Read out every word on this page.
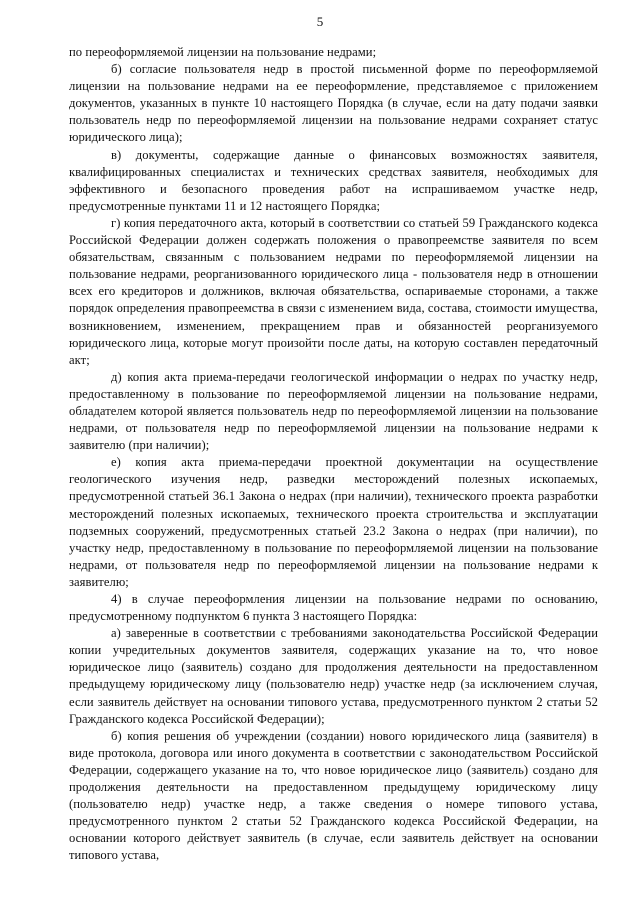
5

по переоформляемой лицензии на пользование недрами;

б) согласие пользователя недр в простой письменной форме по переоформляемой лицензии на пользование недрами на ее переоформление, представляемое с приложением документов, указанных в пункте 10 настоящего Порядка (в случае, если на дату подачи заявки пользователь недр по переоформляемой лицензии на пользование недрами сохраняет статус юридического лица);

в) документы, содержащие данные о финансовых возможностях заявителя, квалифицированных специалистах и технических средствах заявителя, необходимых для эффективного и безопасного проведения работ на испрашиваемом участке недр, предусмотренные пунктами 11 и 12 настоящего Порядка;

г) копия передаточного акта, который в соответствии со статьей 59 Гражданского кодекса Российской Федерации должен содержать положения о правопреемстве заявителя по всем обязательствам, связанным с пользованием недрами по переоформляемой лицензии на пользование недрами, реорганизованного юридического лица - пользователя недр в отношении всех его кредиторов и должников, включая обязательства, оспариваемые сторонами, а также порядок определения правопреемства в связи с изменением вида, состава, стоимости имущества, возникновением, изменением, прекращением прав и обязанностей реорганизуемого юридического лица, которые могут произойти после даты, на которую составлен передаточный акт;

д) копия акта приема-передачи геологической информации о недрах по участку недр, предоставленному в пользование по переоформляемой лицензии на пользование недрами, обладателем которой является пользователь недр по переоформляемой лицензии на пользование недрами, от пользователя недр по переоформляемой лицензии на пользование недрами к заявителю (при наличии);

е) копия акта приема-передачи проектной документации на осуществление геологического изучения недр, разведки месторождений полезных ископаемых, предусмотренной статьей 36.1 Закона о недрах (при наличии), технического проекта разработки месторождений полезных ископаемых, технического проекта строительства и эксплуатации подземных сооружений, предусмотренных статьей 23.2 Закона о недрах (при наличии), по участку недр, предоставленному в пользование по переоформляемой лицензии на пользование недрами, от пользователя недр по переоформляемой лицензии на пользование недрами к заявителю;

4) в случае переоформления лицензии на пользование недрами по основанию, предусмотренному подпунктом 6 пункта 3 настоящего Порядка:

а) заверенные в соответствии с требованиями законодательства Российской Федерации копии учредительных документов заявителя, содержащих указание на то, что новое юридическое лицо (заявитель) создано для продолжения деятельности на предоставленном предыдущему юридическому лицу (пользователю недр) участке недр (за исключением случая, если заявитель действует на основании типового устава, предусмотренного пунктом 2 статьи 52 Гражданского кодекса Российской Федерации);

б) копия решения об учреждении (создании) нового юридического лица (заявителя) в виде протокола, договора или иного документа в соответствии с законодательством Российской Федерации, содержащего указание на то, что новое юридическое лицо (заявитель) создано для продолжения деятельности на предоставленном предыдущему юридическому лицу (пользователю недр) участке недр, а также сведения о номере типового устава, предусмотренного пунктом 2 статьи 52 Гражданского кодекса Российской Федерации, на основании которого действует заявитель (в случае, если заявитель действует на основании типового устава,
